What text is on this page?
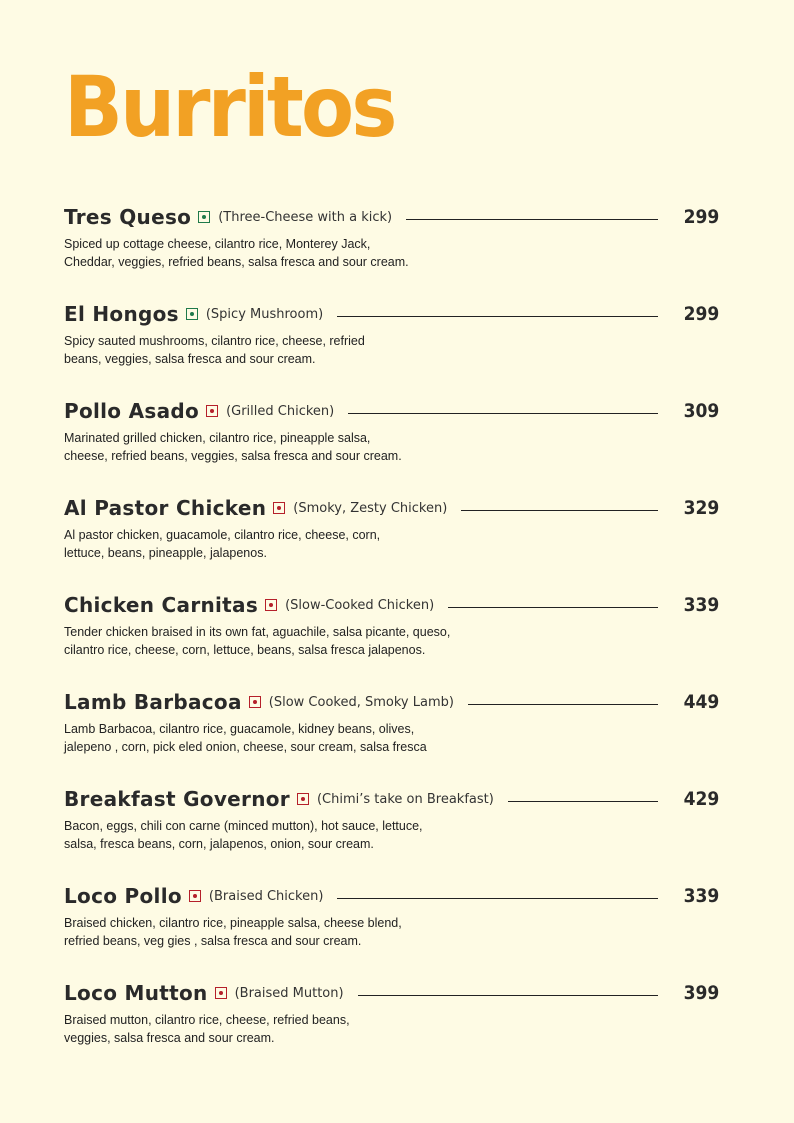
Burritos
Tres Queso (Three-Cheese with a kick)	299
Spiced up cottage cheese, cilantro rice, Monterey Jack,
Cheddar, veggies, refried beans, salsa fresca and sour cream.
El Hongos (Spicy Mushroom)	299
Spicy sauted mushrooms, cilantro rice, cheese, refried
beans, veggies, salsa fresca and sour cream.
Pollo Asado (Grilled Chicken)	309
Marinated grilled chicken, cilantro rice, pineapple salsa,
cheese, refried beans, veggies, salsa fresca and sour cream.
Al Pastor Chicken (Smoky, Zesty Chicken)	329
Al pastor chicken, guacamole, cilantro rice, cheese, corn,
lettuce, beans, pineapple, jalapenos.
Chicken Carnitas (Slow-Cooked Chicken)	339
Tender chicken braised in its own fat, aguachile, salsa picante, queso,
cilantro rice, cheese, corn, lettuce, beans, salsa fresca jalapenos.
Lamb Barbacoa (Slow Cooked, Smoky Lamb)	449
Lamb Barbacoa, cilantro rice, guacamole, kidney beans, olives,
jalepeno , corn, pick eled onion, cheese, sour cream, salsa fresca
Breakfast Governor (Chimi’s take on Breakfast)	429
Bacon, eggs, chili con carne (minced mutton), hot sauce, lettuce,
salsa, fresca beans, corn, jalapenos, onion, sour cream.
Loco Pollo (Braised Chicken)	339
Braised chicken, cilantro rice, pineapple salsa, cheese blend,
refried beans, veg gies , salsa fresca and sour cream.
Loco Mutton (Braised Mutton)	399
Braised mutton, cilantro rice, cheese, refried beans,
veggies, salsa fresca and sour cream.
